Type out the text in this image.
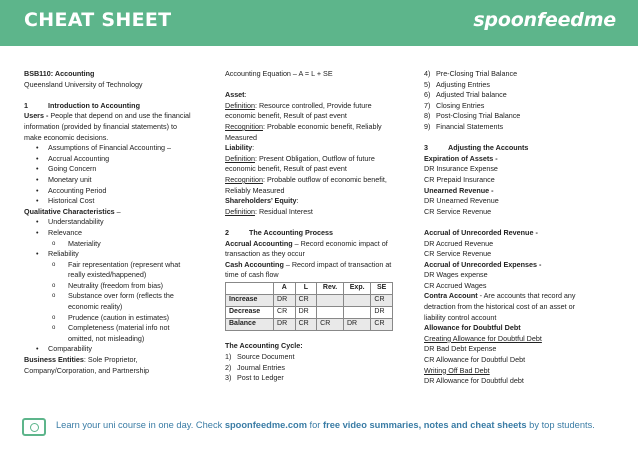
CHEAT SHEET	spoonfeedme
BSB110: Accounting
Queensland University of Technology
1	Introduction to Accounting
Users - People that depend on and use the financial
information (provided by financial statements) to
make economic decisions.
• Assumptions of Financial Accounting –
• Accrual Accounting
• Going Concern
• Monetary unit
• Accounting Period
• Historical Cost
Qualitative Characteristics –
• Understandability
• Relevance
o Materiality
• Reliability
o Fair representation (represent what
really existed/happened)
o Neutrality (freedom from bias)
o Substance over form (reflects the
economic reality)
o Prudence (caution in estimates)
o Completeness (material info not
omitted, not misleading)
• Comparability
Business Entities: Sole Proprietor,
Company/Corporation, and Partnership
Accounting Equation – A = L + SE
Asset:
Definition: Resource controlled, Provide future
economic benefit, Result of past event
Recognition: Probable economic benefit, Reliably
Measured
Liability:
Definition: Present Obligation, Outflow of future
economic benefit, Result of past event
Recognition: Probable outflow of economic benefit,
Reliably Measured
Shareholders’ Equity:
Definition: Residual Interest
2	The Accounting Process
Accrual Accounting – Record economic impact of
transaction as they occur
Cash Accounting – Record impact of transaction at
time of cash flow
	A	L	Rev.	Exp.	SE
Increase	DR	CR			CR
Decrease	CR	DR			DR
Balance	DR	CR	CR	DR	CR
The Accounting Cycle:
1) Source Document
2) Journal Entries
3) Post to Ledger
4) Pre-Closing Trial Balance
5) Adjusting Entries
6) Adjusted Trial balance
7) Closing Entries
8) Post-Closing Trial Balance
9) Financial Statements
3	Adjusting the Accounts
Expiration of Assets -
DR Insurance Expense
CR Prepaid Insurance
Unearned Revenue -
DR Unearned Revenue
CR Service Revenue
Accrual of Unrecorded Revenue -
DR Accrued Revenue
CR Service Revenue
Accrual of Unrecorded Expenses -
DR Wages expense
CR Accrued Wages
Contra Account - Are accounts that record any
detraction from the historical cost of an asset or
liability control account
Allowance for Doubtful Debt
Creating Allowance for Doubtful Debt
DR Bad Debt Expense
CR Allowance for Doubtful Debt
Writing Off Bad Debt
DR Allowance for Doubtful debt
Learn your uni course in one day. Check spoonfeedme.com for free video summaries, notes and cheat sheets by top students.
